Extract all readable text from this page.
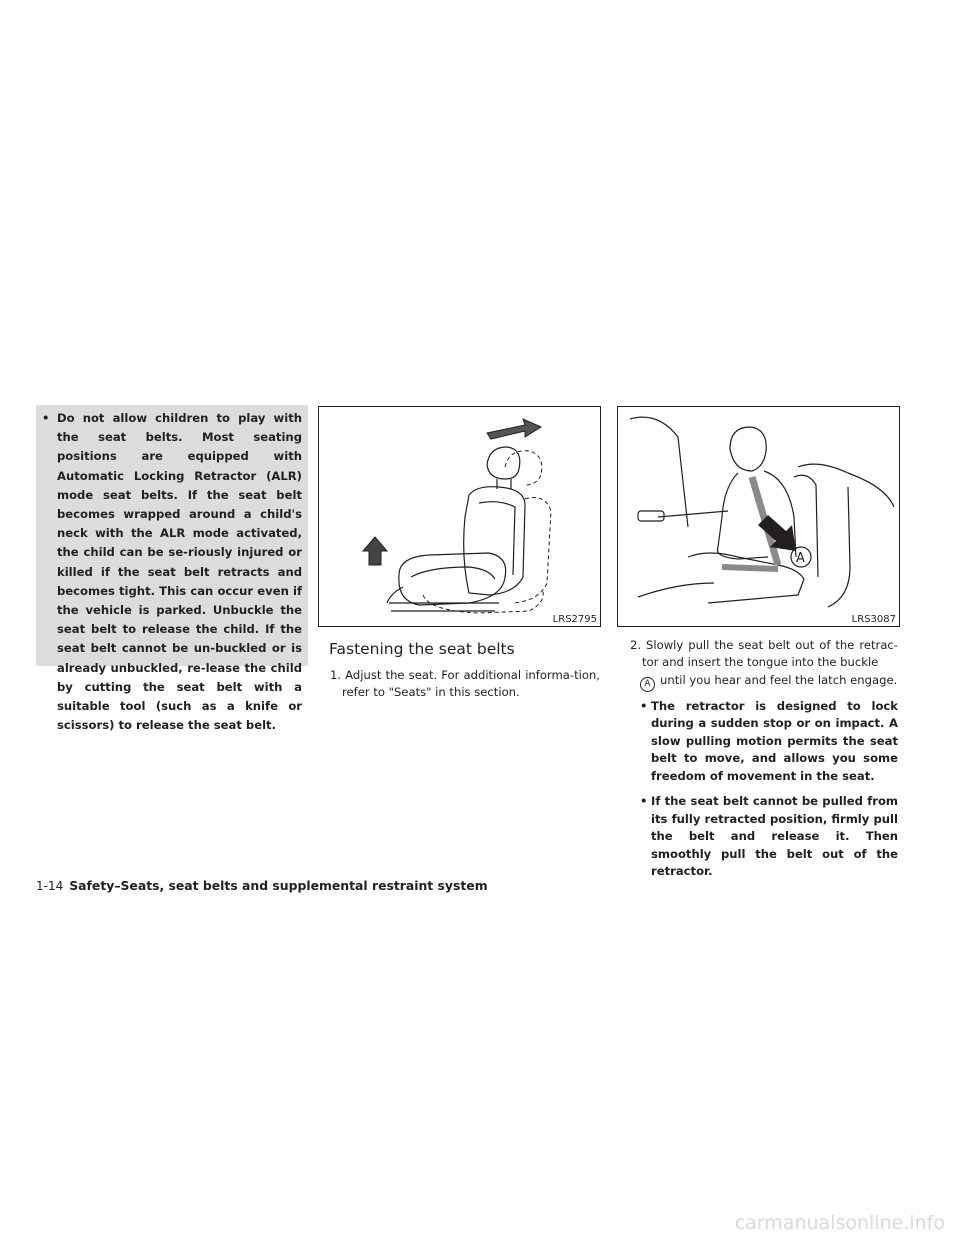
• Do not allow children to play with the seat belts. Most seating positions are equipped with Automatic Locking Retractor (ALR) mode seat belts. If the seat belt becomes wrapped around a child's neck with the ALR mode activated, the child can be se-riously injured or killed if the seat belt retracts and becomes tight. This can occur even if the vehicle is parked. Unbuckle the seat belt to release the child. If the seat belt cannot be un-buckled or is already unbuckled, re-lease the child by cutting the seat belt with a suitable tool (such as a knife or scissors) to release the seat belt.
LRS2795
A
LRS3087
Fastening the seat belts
1. Adjust the seat. For additional informa-tion, refer to "Seats" in this section.
2. Slowly pull the seat belt out of the retrac-tor and insert the tongue into the buckle
A until you hear and feel the latch engage.
• The retractor is designed to lock during a sudden stop or on impact. A slow pulling motion permits the seat belt to move, and allows you some freedom of movement in the seat.
• If the seat belt cannot be pulled from its fully retracted position, firmly pull the belt and release it. Then smoothly pull the belt out of the retractor.
1-14 Safety–Seats, seat belts and supplemental restraint system
carmanualsonline.info
